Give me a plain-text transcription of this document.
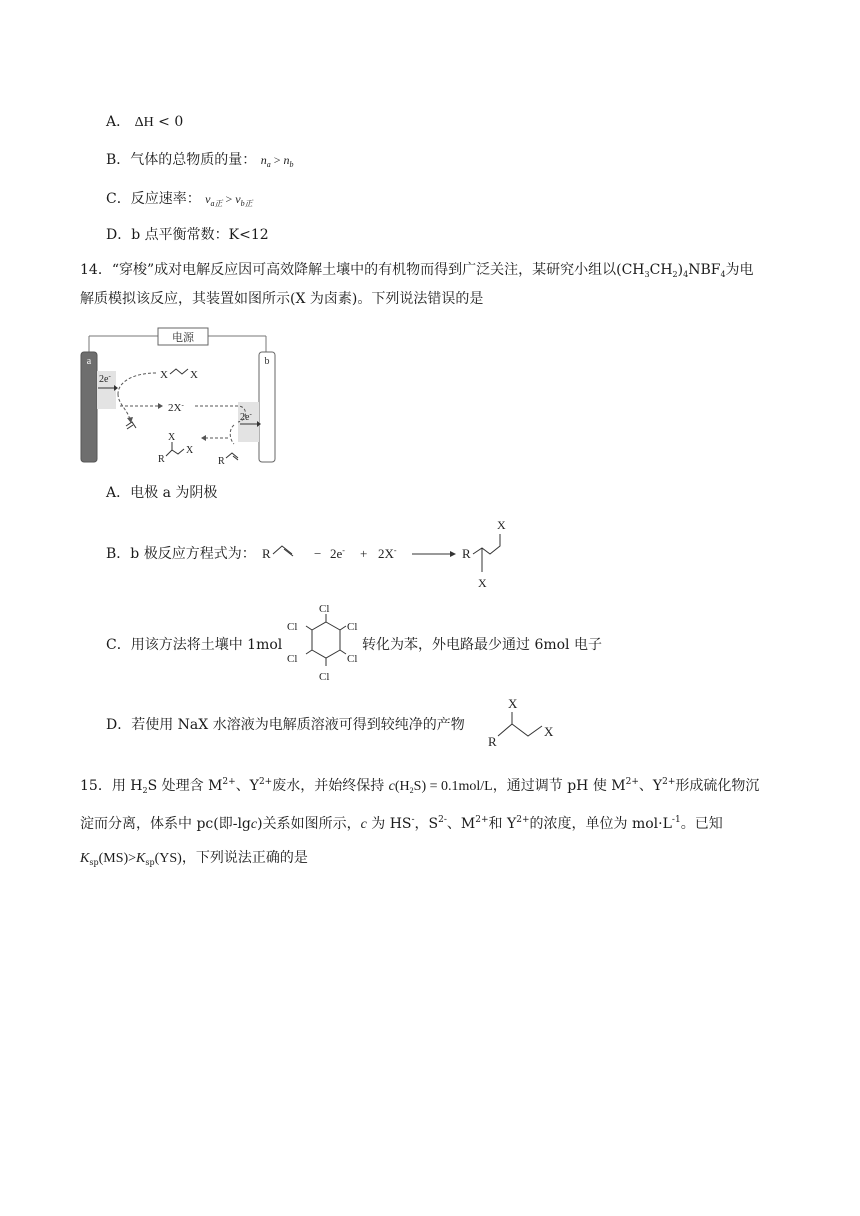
A． ΔH < 0
B．气体的总物质的量： $n_a > n_b$
C．反应速率： $v_{a正} > v_{b正}$
D．b 点平衡常数：K<12
14．“穿梭”成对电解反应因可高效降解土壤中的有机物而得到广泛关注，某研究小组以$(CH_3CH_2)_4NBF_4$为电
解质模拟该反应，其装置如图所示(X 为卤素)。下列说法错误的是
电源
a	b
2e-
2e-
X X
2X-
R
X
X
R
A．电极 a 为阴极
B．b 极反应方程式为： R	− 2e- + 2X-	R
X
X
C．用该方法将土壤中 1mol
Cl
Cl
Cl
Cl
Cl
Cl
转化为苯，外电路最少通过 6mol 电子
D．若使用 NaX 水溶液为电解质溶液可得到较纯净的产物
X
R
X
15．用 $H_2S$ 处理含 $M^{2+}$、$Y^{2+}$废水，并始终保持 $c(H_2S) = 0.1mol/L$，通过调节 pH 使 $M^{2+}$、$Y^{2+}$形成硫化物沉
淀而分离，体系中 pc(即-lgc)关系如图所示，c 为 HS-，$S^{2-}$、$M^{2+}$和 $Y^{2+}$的浓度，单位为 $mol\cdot L^{-1}$。已知
$K_{sp}(MS)>K_{sp}(YS)$，下列说法正确的是
